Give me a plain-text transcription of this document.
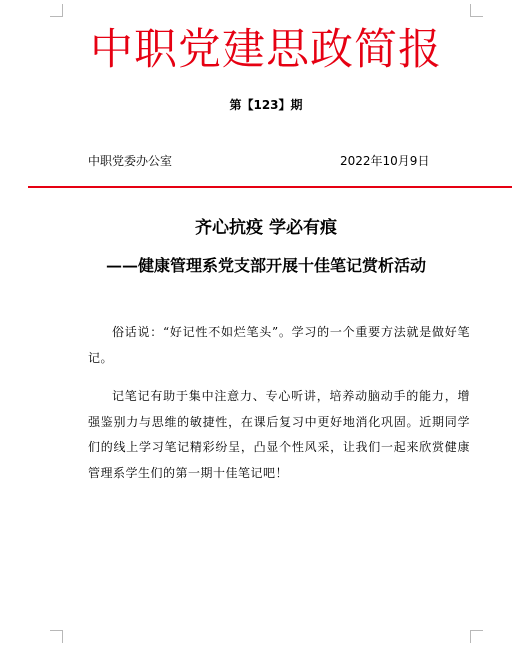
中职党建思政简报
第【123】期
中职党委办公室	2022年10月9日
齐心抗疫 学必有痕
——健康管理系党支部开展十佳笔记赏析活动

俗话说：“好记性不如烂笔头”。学习的一个重要方法就是做好笔记。

记笔记有助于集中注意力、专心听讲，培养动脑动手的能力，增强鉴别力与思维的敏捷性，在课后复习中更好地消化巩固。近期同学们的线上学习笔记精彩纷呈，凸显个性风采，让我们一起来欣赏健康管理系学生们的第一期十佳笔记吧！
